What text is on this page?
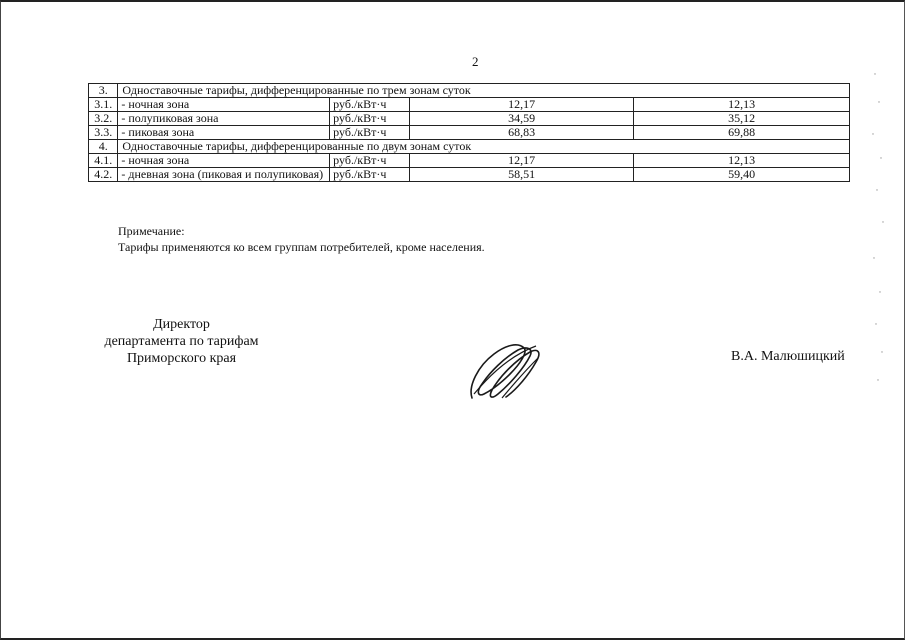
2
3.	Одноставочные тарифы, дифференцированные по трем зонам суток			
3.1.	- ночная зона	руб./кВт·ч	12,17	12,13
3.2.	- полупиковая зона	руб./кВт·ч	34,59	35,12
3.3.	- пиковая зона	руб./кВт·ч	68,83	69,88
4.	Одноставочные тарифы, дифференцированные по двум зонам суток			
4.1.	- ночная зона	руб./кВт·ч	12,17	12,13
4.2.	- дневная зона (пиковая и полупиковая)	руб./кВт·ч	58,51	59,40
Примечание:
Тарифы применяются ко всем группам потребителей, кроме населения.
Директор
департамента по тарифам
Приморского края	В.А. Малюшицкий
